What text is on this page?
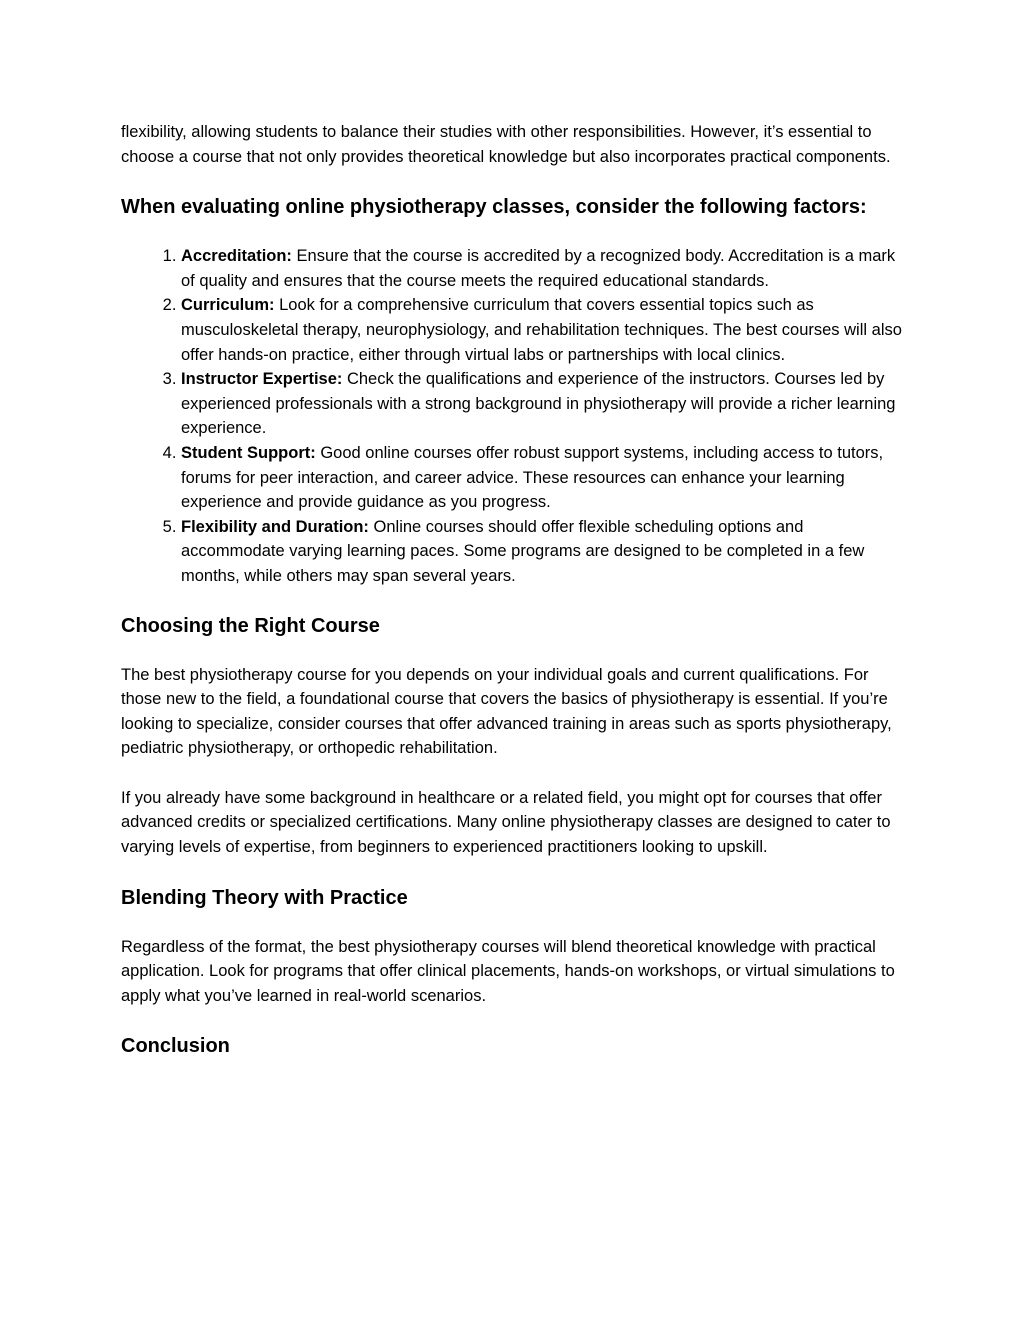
flexibility, allowing students to balance their studies with other responsibilities. However, it’s essential to choose a course that not only provides theoretical knowledge but also incorporates practical components.

When evaluating online physiotherapy classes, consider the following factors:
1. Accreditation: Ensure that the course is accredited by a recognized body. Accreditation is a mark of quality and ensures that the course meets the required educational standards.
2. Curriculum: Look for a comprehensive curriculum that covers essential topics such as musculoskeletal therapy, neurophysiology, and rehabilitation techniques. The best courses will also offer hands-on practice, either through virtual labs or partnerships with local clinics.
3. Instructor Expertise: Check the qualifications and experience of the instructors. Courses led by experienced professionals with a strong background in physiotherapy will provide a richer learning experience.
4. Student Support: Good online courses offer robust support systems, including access to tutors, forums for peer interaction, and career advice. These resources can enhance your learning experience and provide guidance as you progress.
5. Flexibility and Duration: Online courses should offer flexible scheduling options and accommodate varying learning paces. Some programs are designed to be completed in a few months, while others may span several years.
Choosing the Right Course

The best physiotherapy course for you depends on your individual goals and current qualifications. For those new to the field, a foundational course that covers the basics of physiotherapy is essential. If you’re looking to specialize, consider courses that offer advanced training in areas such as sports physiotherapy, pediatric physiotherapy, or orthopedic rehabilitation.

If you already have some background in healthcare or a related field, you might opt for courses that offer advanced credits or specialized certifications. Many online physiotherapy classes are designed to cater to varying levels of expertise, from beginners to experienced practitioners looking to upskill.

Blending Theory with Practice

Regardless of the format, the best physiotherapy courses will blend theoretical knowledge with practical application. Look for programs that offer clinical placements, hands-on workshops, or virtual simulations to apply what you’ve learned in real-world scenarios.

Conclusion
